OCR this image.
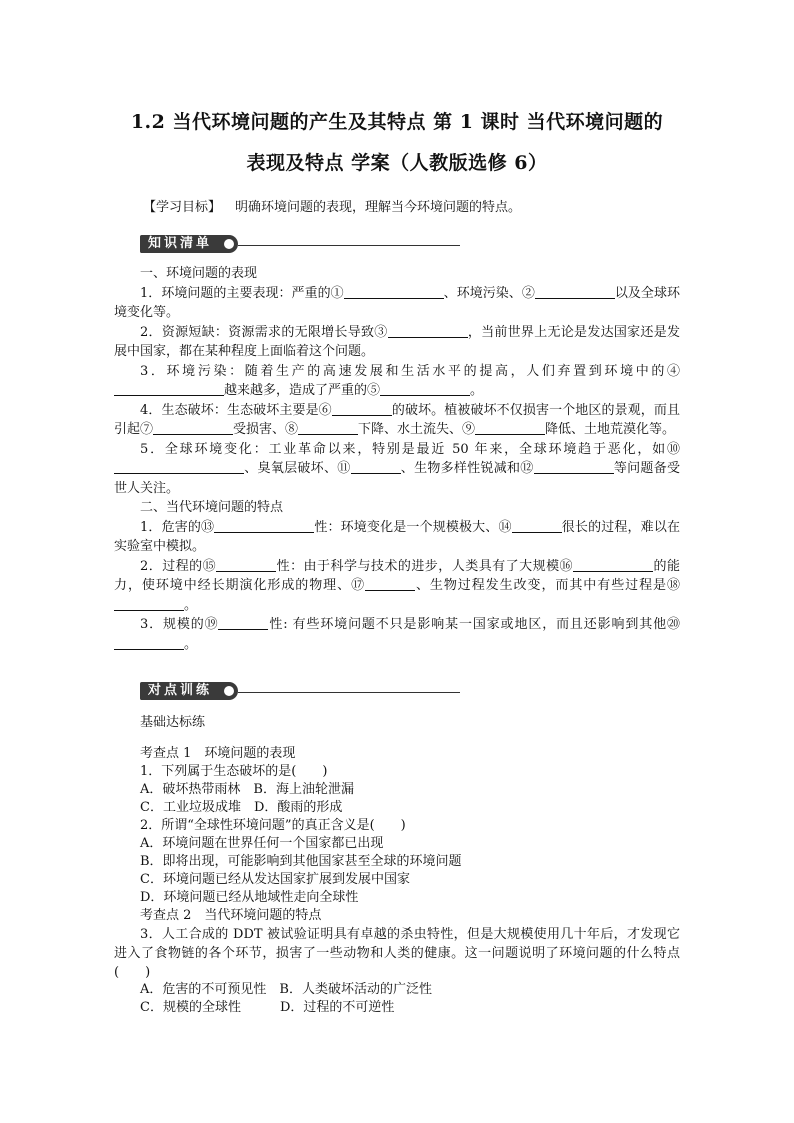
1.2 当代环境问题的产生及其特点 第 1 课时 当代环境问题的
表现及特点 学案（人教版选修 6）
【学习目标】 明确环境问题的表现，理解当今环境问题的特点。
知识清单
一、环境问题的表现
1．环境问题的主要表现：严重的①	、环境污染、②	以及全球环境变化等。
2．资源短缺：资源需求的无限增长导致③	，当前世界上无论是发达国家还是发展中国家，都在某种程度上面临着这个问题。
3．环境污染：随着生产的高速发展和生活水平的提高，人们弃置到环境中的④越来越多，造成了严重的⑤	。
4．生态破坏：生态破坏主要是⑥	的破坏。植被破坏不仅损害一个地区的景观，而且引起⑦	受损害、⑧	下降、水土流失、⑨	降低、土地荒漠化等。
5．全球环境变化：工业革命以来，特别是最近 50 年来，全球环境趋于恶化，如⑩、臭氧层破坏、⑪	、生物多样性锐减和⑫	等问题备受世人关注。
二、当代环境问题的特点
1．危害的⑬	性：环境变化是一个规模极大、⑭	很长的过程，难以在实验室中模拟。
2．过程的⑮	性：由于科学与技术的进步，人类具有了大规模⑯	的能力，使环境中经长期演化形成的物理、⑰	、生物过程发生改变，而其中有些过程是⑱。
3．规模的⑲	性: 有些环境问题不只是影响某一国家或地区，而且还影响到其他⑳。
对点训练
基础达标练
考查点 1　环境问题的表现
1．下列属于生态破坏的是(　　)
A．破坏热带雨林　B．海上油轮泄漏
C．工业垃圾成堆　D．酸雨的形成
2．所谓“全球性环境问题”的真正含义是(　　)
A．环境问题在世界任何一个国家都已出现
B．即将出现，可能影响到其他国家甚至全球的环境问题
C．环境问题已经从发达国家扩展到发展中国家
D．环境问题已经从地域性走向全球性
考查点 2　当代环境问题的特点
3．人工合成的 DDT 被试验证明具有卓越的杀虫特性，但是大规模使用几十年后，才发现它进入了食物链的各个环节，损害了一些动物和人类的健康。这一问题说明了环境问题的什么特点(　　)
A．危害的不可预见性　B．人类破坏活动的广泛性
C．规模的全球性　　　D．过程的不可逆性
